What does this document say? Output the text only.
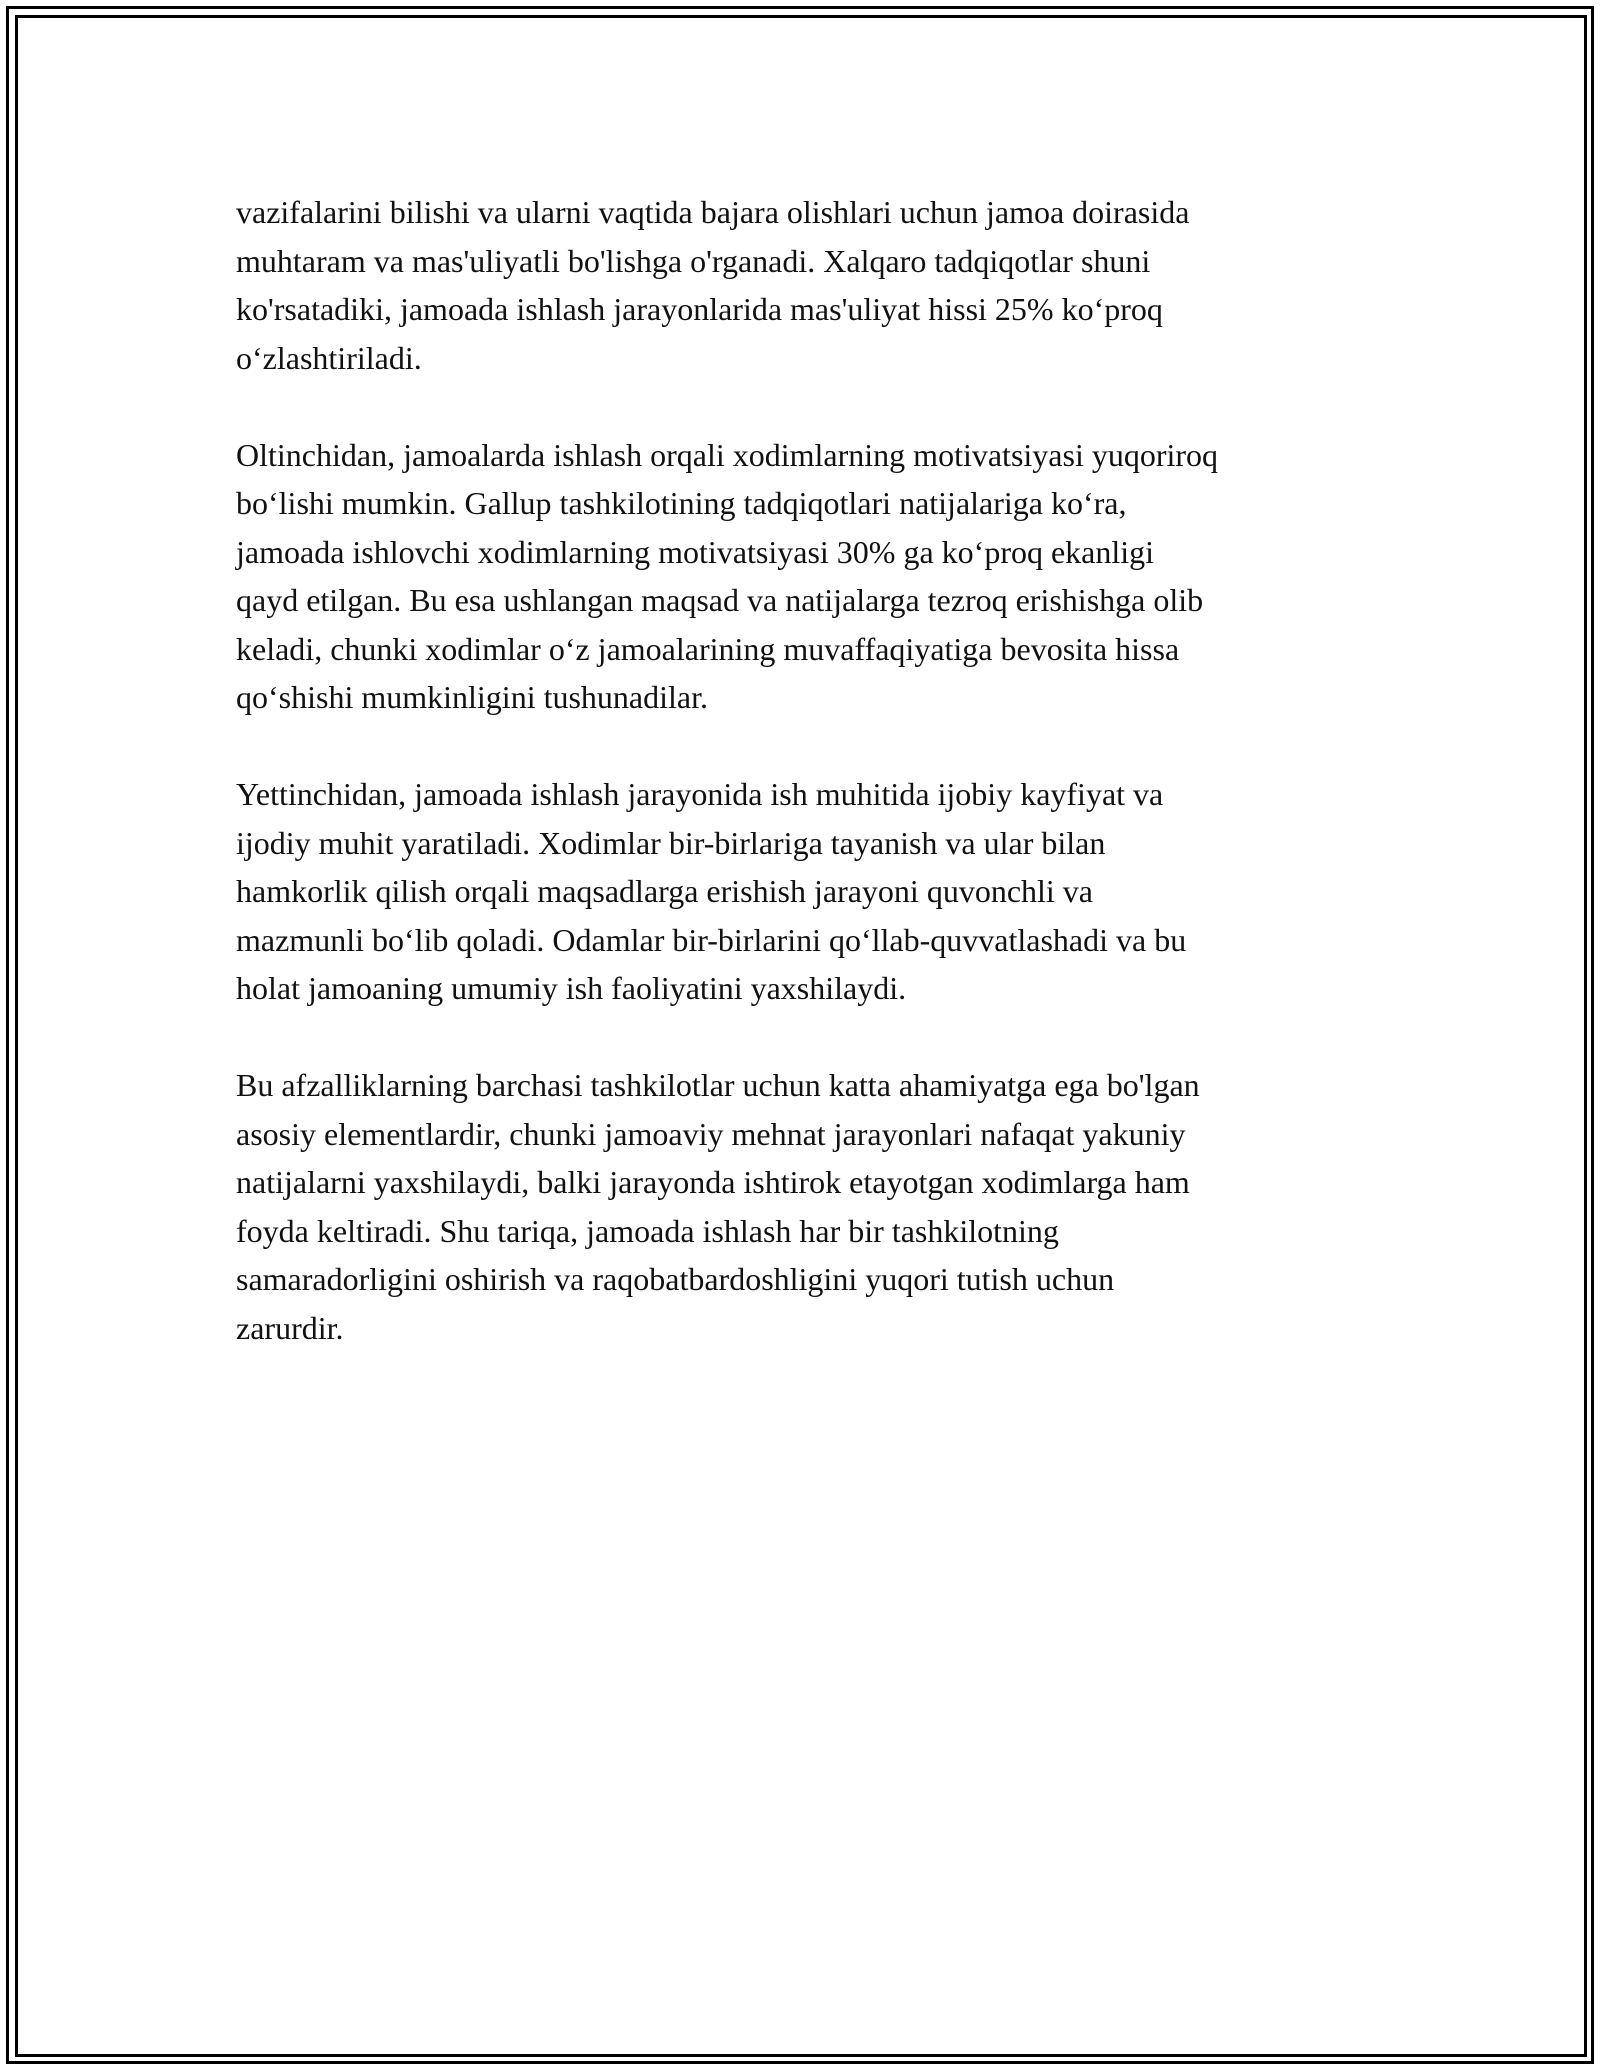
vazifalarini bilishi va ularni vaqtida bajara olishlari uchun jamoa doirasida
muhtaram va mas'uliyatli bo'lishga o'rganadi. Xalqaro tadqiqotlar shuni
ko'rsatadiki, jamoada ishlash jarayonlarida mas'uliyat hissi 25% ko‘proq
o‘zlashtiriladi.

Oltinchidan, jamoalarda ishlash orqali xodimlarning motivatsiyasi yuqoriroq
bo‘lishi mumkin. Gallup tashkilotining tadqiqotlari natijalariga ko‘ra,
jamoada ishlovchi xodimlarning motivatsiyasi 30% ga ko‘proq ekanligi
qayd etilgan. Bu esa ushlangan maqsad va natijalarga tezroq erishishga olib
keladi, chunki xodimlar o‘z jamoalarining muvaffaqiyatiga bevosita hissa
qo‘shishi mumkinligini tushunadilar.

Yettinchidan, jamoada ishlash jarayonida ish muhitida ijobiy kayfiyat va
ijodiy muhit yaratiladi. Xodimlar bir-birlariga tayanish va ular bilan
hamkorlik qilish orqali maqsadlarga erishish jarayoni quvonchli va
mazmunli bo‘lib qoladi. Odamlar bir-birlarini qo‘llab-quvvatlashadi va bu
holat jamoaning umumiy ish faoliyatini yaxshilaydi.

Bu afzalliklarning barchasi tashkilotlar uchun katta ahamiyatga ega bo'lgan
asosiy elementlardir, chunki jamoaviy mehnat jarayonlari nafaqat yakuniy
natijalarni yaxshilaydi, balki jarayonda ishtirok etayotgan xodimlarga ham
foyda keltiradi. Shu tariqa, jamoada ishlash har bir tashkilotning
samaradorligini oshirish va raqobatbardoshligini yuqori tutish uchun
zarurdir.
